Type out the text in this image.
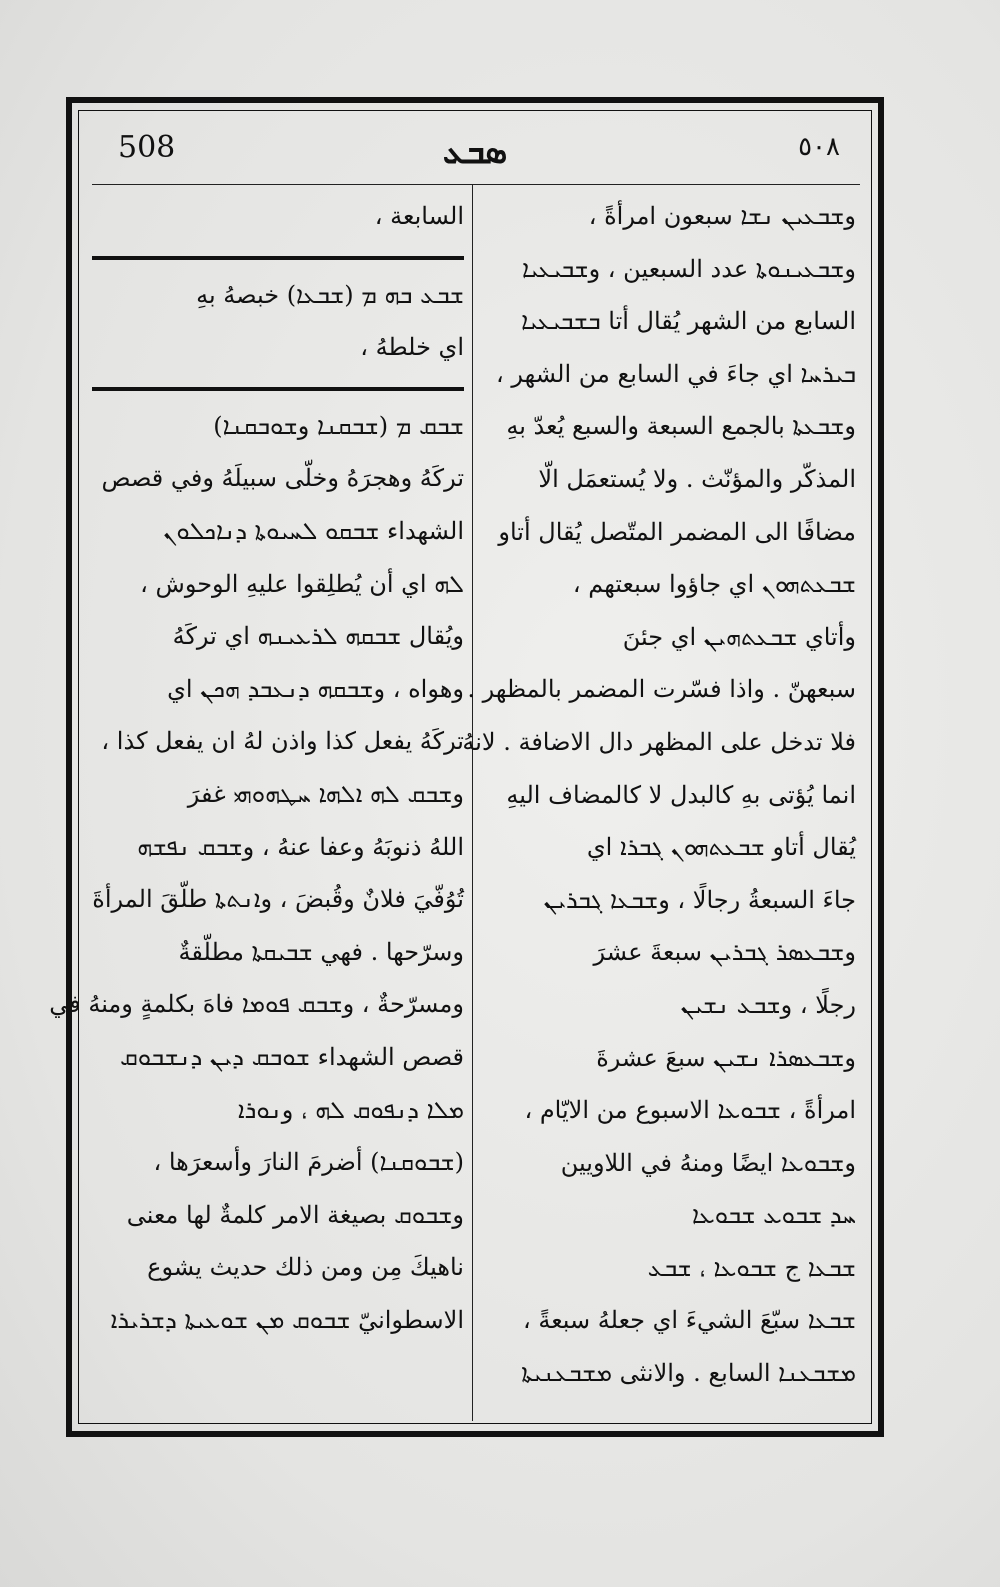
508	ܣܒܥ	٥٠٨
وܫܒܥܝܢ ܢܫܐ سبعون امرأةً ،
وܫܒܥܝܢܘܬܐ عدد السبعين ، وܫܒܝܥܝܐ
السابع من الشهر يُقال أتا ܒܫܒܝܥܝܐ
ܒܝܪܚܐ اي جاءَ في السابع من الشهر ،
وܫܒܥܬܐ بالجمع السبعة والسبع يُعدّ بهِ
المذكّر والمؤنّث . ولا يُستعمَل الّا
مضافًا الى المضمر المتّصل يُقال أتاو
ܫܒܥܬܗܘܢ اي جاؤوا سبعتهم ،
وأتاي ܫܒܥܬܗܝܢ اي جئنَ
سبعهنّ . واذا فسّرت المضمر بالمظهر .
فلا تدخل على المظهر دال الاضافة . لانهُ
انما يُؤتى بهِ كالبدل لا كالمضاف اليهِ
يُقال أتاو ܫܒܥܬܗܘܢ ܓܒܪܐ اي
جاءَ السبعةُ رجالًا ، وܫܒܥܐ ܓܒܪܝܢ
وܫܒܥܣܪ ܓܒܪܝܢ سبعةَ عشرَ
رجلًا ، وܫܒܥ ܢܫܝܢ
وܫܒܥܣܪܐ ܢܫܝܢ سبعَ عشرةَ
امرأةً ، ܫܒܘܥܐ الاسبوع من الايّام ،
وܫܒܘܥܐ ايضًا ومنهُ في اللاويين
ܚܕ ܫܒܘܥ ܫܒܘܥܐ
ܫܒܥܐ ج ܫܒܘܥܐ ، ܫܒܥ
ܫܒܥܐ سبّعَ الشيءَ اي جعلهُ سبعةً ،
ܡܫܒܥܢܐ السابع . والانثى ܡܫܒܥܢܝܬܐ
السابعة ،
ܫܒܥ ܒܗ ܡ (ܫܒܥܐ) خبصهُ بهِ
اي خلطهُ ،
ܫܒܩ ܡ (ܫܒܩܢܐ وܫܘܒܩܢܐ)
تركَهُ وهجرَهُ وخلّى سبيلَهُ وفي قصص
الشهداء ܫܒܩܘ ܠܚܝܘܬܐ ܕܢܐܟܠܘܢ
ܠܗ اي أن يُطلِقوا عليهِ الوحوش ،
ويُقال ܫܒܩܗ ܠܪܥܝܢܗ اي تركَهُ
وهواه ، وܫܒܩܗ ܕܢܥܒܕ ܗܟܢ اي
تركَهُ يفعل كذا واذن لهُ ان يفعل كذا ،
وܫܒܩ ܠܗ ܐܠܗܐ ܚܛܗܘܗܝ غفرَ
اللهُ ذنوبَهُ وعفا عنهُ ، وܫܒܩ ܢܦܫܗ
تُوُفّيَ فلانٌ وقُبضَ ، وܐܢܬܬܐ طلّقَ المرأةَ
وسرّحها . فهي ܫܒܝܩܬܐ مطلّقةٌ
ومسرّحةٌ ، وܫܒܩ ܦܘܡܐ فاهَ بكلمةٍ ومنهُ في
قصص الشهداء ܫܘܒܩ ܕܝܢ ܕܢܫܒܘܩ
ܡܠܐ ܕܢܦܘܩ ܠܗ ، وܢܘܪܐ
(ܫܒܘܩܢܐ) أضرمَ النارَ وأسعرَها ،
وܫܒܘܩ بصيغة الامر كلمةٌ لها معنى
ناهيكَ مِن ومن ذلك حديث يشوع
الاسطوانيّ ܫܒܘܩ ܡܢ ܫܘܥܝܬܐ ܕܫܪܝܪܐ
